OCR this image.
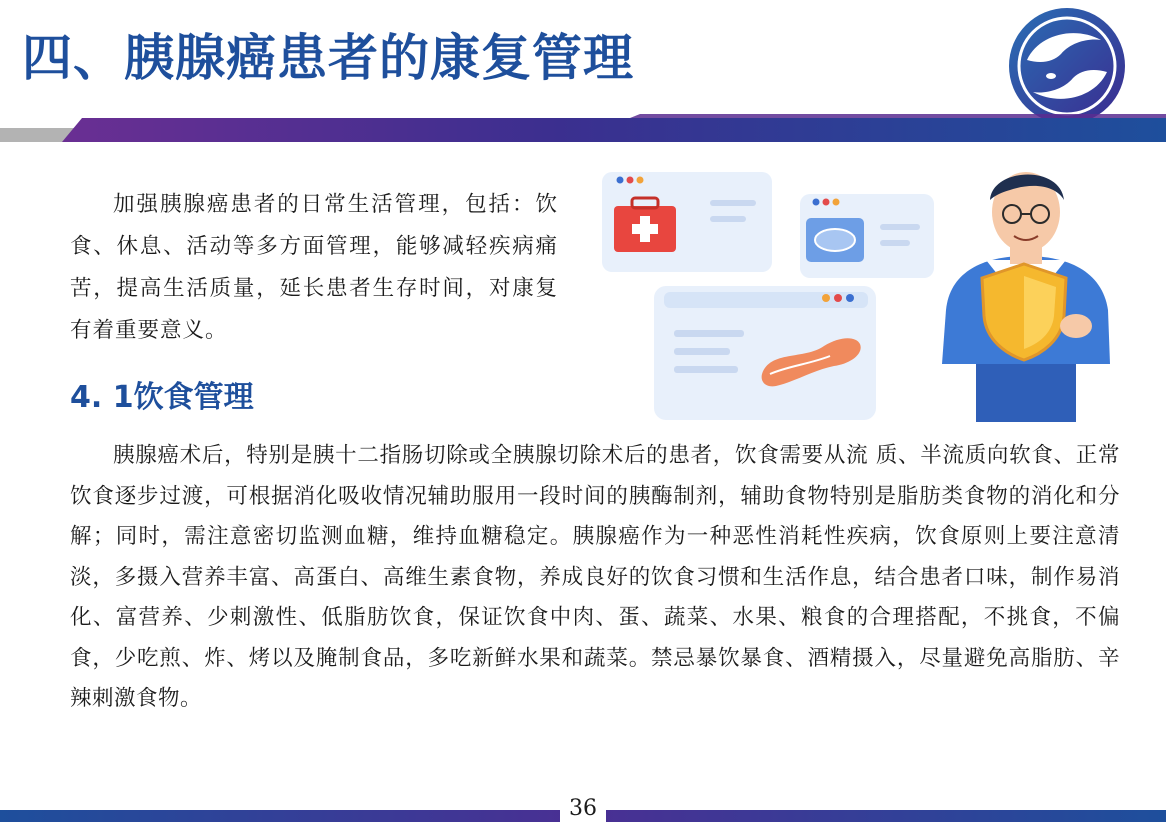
四、胰腺癌患者的康复管理

加强胰腺癌患者的日常生活管理，包括：饮食、休息、活动等多方面管理，能够减轻疾病痛苦，提高生活质量，延长患者生存时间，对康复有着重要意义。

4. 1饮食管理

胰腺癌术后，特别是胰十二指肠切除或全胰腺切除术后的患者，饮食需要从流 质、半流质向软食、正常饮食逐步过渡，可根据消化吸收情况辅助服用一段时间的胰酶制剂，辅助食物特别是脂肪类食物的消化和分解；同时，需注意密切监测血糖，维持血糖稳定。胰腺癌作为一种恶性消耗性疾病，饮食原则上要注意清淡，多摄入营养丰富、高蛋白、高维生素食物，养成良好的饮食习惯和生活作息，结合患者口味，制作易消化、富营养、少刺激性、低脂肪饮食，保证饮食中肉、蛋、蔬菜、水果、粮食的合理搭配，不挑食，不偏食，少吃煎、炸、烤以及腌制食品，多吃新鲜水果和蔬菜。禁忌暴饮暴食、酒精摄入，尽量避免高脂肪、辛辣刺激食物。

36
